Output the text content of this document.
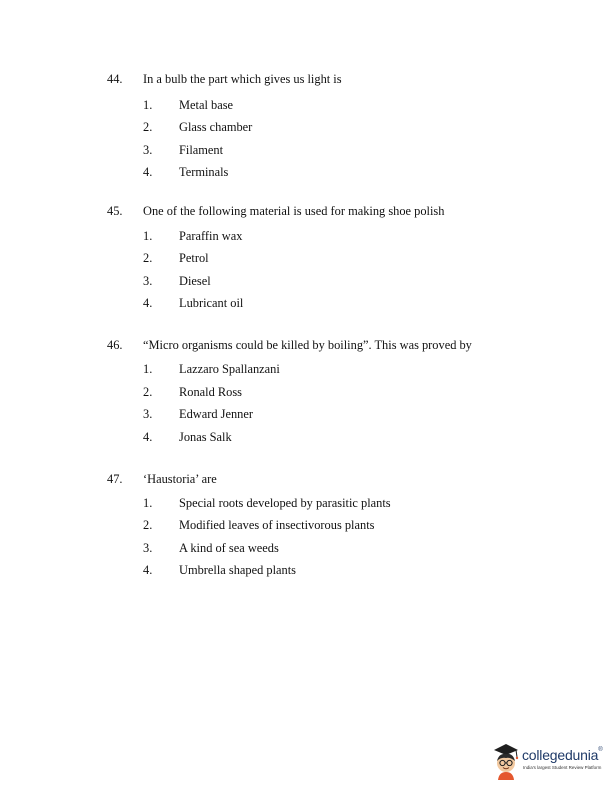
44. In a bulb the part which gives us light is
1. Metal base
2. Glass chamber
3. Filament
4. Terminals
45. One of the following material is used for making shoe polish
1. Paraffin wax
2. Petrol
3. Diesel
4. Lubricant oil
46. “Micro organisms could be killed by boiling”. This was proved by
1. Lazzaro Spallanzani
2. Ronald Ross
3. Edward Jenner
4. Jonas Salk
47. ‘Haustoria’ are
1. Special roots developed by parasitic plants
2. Modified leaves of insectivorous plants
3. A kind of sea weeds
4. Umbrella shaped plants
collegedunia®
India's largest Student Review Platform
